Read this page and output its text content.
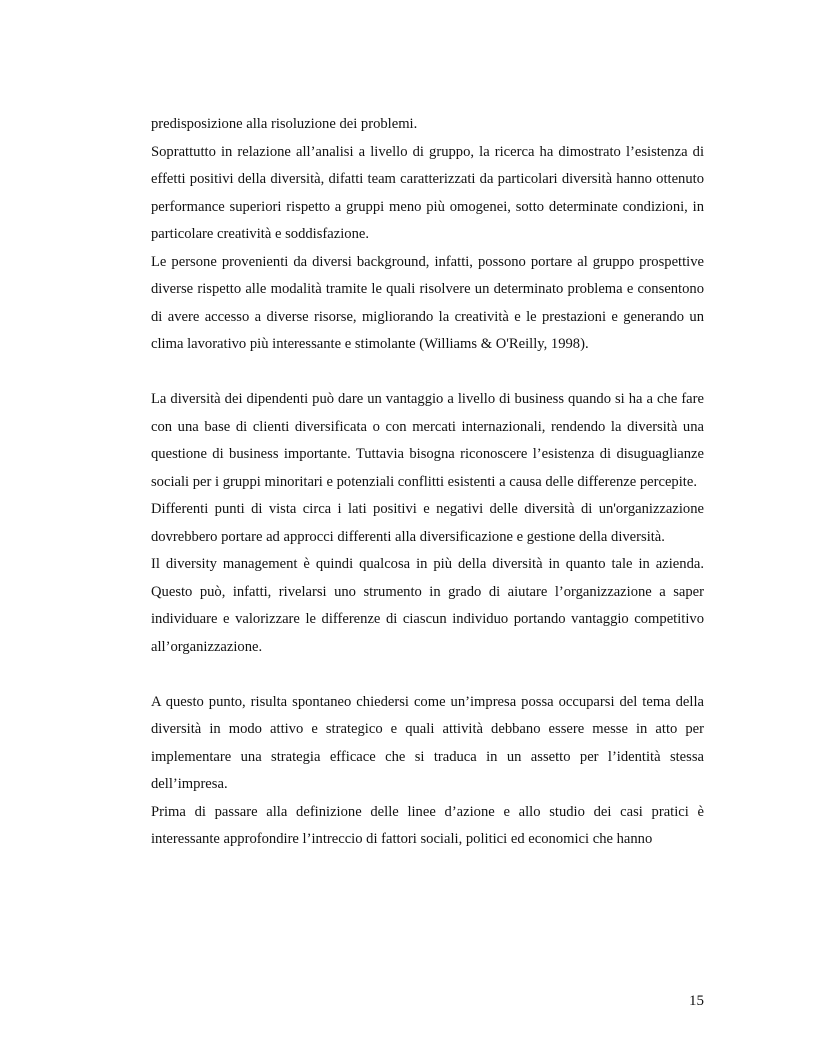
predisposizione alla risoluzione dei problemi.

Soprattutto in relazione all’analisi a livello di gruppo, la ricerca ha dimostrato l’esistenza di effetti positivi della diversità, difatti team caratterizzati da particolari diversità hanno ottenuto performance superiori rispetto a gruppi meno più omogenei, sotto determinate condizioni, in particolare creatività e soddisfazione.

Le persone provenienti da diversi background, infatti, possono portare al gruppo prospettive diverse rispetto alle modalità tramite le quali risolvere un determinato problema e consentono di avere accesso a diverse risorse, migliorando la creatività e le prestazioni e generando un clima lavorativo più interessante e stimolante (Williams & O'Reilly, 1998).

La diversità dei dipendenti può dare un vantaggio a livello di business quando si ha a che fare con una base di clienti diversificata o con mercati internazionali, rendendo la diversità una questione di business importante. Tuttavia bisogna riconoscere l’esistenza di disuguaglianze sociali per i gruppi minoritari e potenziali conflitti esistenti a causa delle differenze percepite.

Differenti punti di vista circa i lati positivi e negativi delle diversità di un'organizzazione dovrebbero portare ad approcci differenti alla diversificazione e gestione della diversità.

Il diversity management è quindi qualcosa in più della diversità in quanto tale in azienda. Questo può, infatti, rivelarsi uno strumento in grado di aiutare l’organizzazione a saper individuare e valorizzare le differenze di ciascun individuo portando vantaggio competitivo all’organizzazione.

A questo punto, risulta spontaneo chiedersi come un’impresa possa occuparsi del tema della diversità in modo attivo e strategico e quali attività debbano essere messe in atto per implementare una strategia efficace che si traduca in un assetto per l’identità stessa dell’impresa.

Prima di passare alla definizione delle linee d’azione e allo studio dei casi pratici è interessante approfondire l’intreccio di fattori sociali, politici ed economici che hanno

15
